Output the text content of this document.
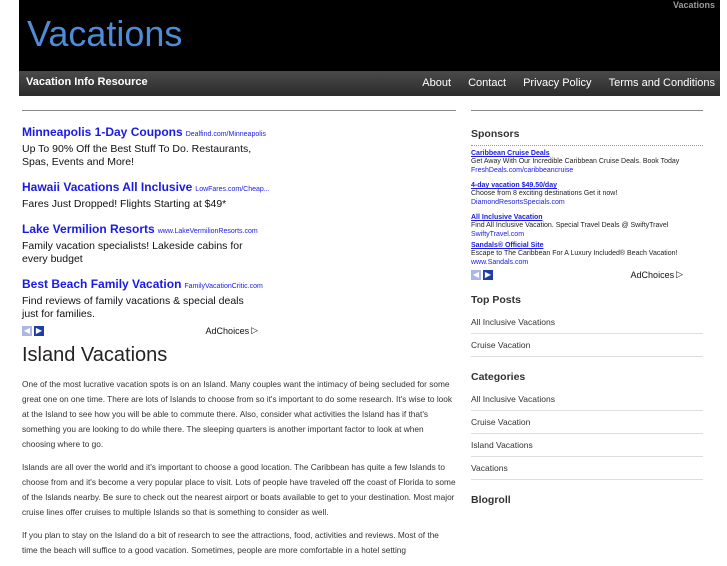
Vacations
Vacations
Vacation Info Resource	About Contact Privacy Policy Terms and Conditions
Minneapolis 1-Day Coupons Dealfind.com/Minneapolis
Up To 90% Off the Best Stuff To Do. Restaurants, Spas, Events and More!
Hawaii Vacations All Inclusive LowFares.com/Cheap...
Fares Just Dropped! Flights Starting at $49*
Lake Vermilion Resorts www.LakeVermilionResorts.com
Family vacation specialists! Lakeside cabins for every budget
Best Beach Family Vacation FamilyVacationCritic.com
Find reviews of family vacations & special deals just for families.
◀ ▶	AdChoices ▷
Island Vacations

One of the most lucrative vacation spots is on an Island. Many couples want the intimacy of being secluded for some great one on one time. There are lots of Islands to choose from so it's important to do some research. It's wise to look at the Island to see how you will be able to commute there. Also, consider what activities the Island has if that's something you are looking to do while there. The sleeping quarters is another important factor to look at when choosing where to go.

Islands are all over the world and it's important to choose a good location. The Caribbean has quite a few Islands to choose from and it's become a very popular place to visit. Lots of people have traveled off the coast of Florida to some of the Islands nearby. Be sure to check out the nearest airport or boats available to get to your destination. Most major cruise lines offer cruises to multiple Islands so that is something to consider as well.

If you plan to stay on the Island do a bit of research to see the attractions, food, activities and reviews. Most of the time the beach will suffice to a good vacation. Sometimes, people are more comfortable in a hotel setting

Sponsors
Caribbean Cruise Deals
Get Away With Our Incredible Caribbean Cruise Deals. Book Today
FreshDeals.com/caribbeancruise
4-day vacation $49.50/day
Choose from 8 exciting destinations Get it now!
DiamondResortsSpecials.com
All Inclusive Vacation
Find All Inclusive Vacation. Special Travel Deals @ SwiftyTravel
SwiftyTravel.com
Sandals® Official Site
Escape to The Caribbean For A Luxury Included® Beach Vacation!
www.Sandals.com
◀ ▶	AdChoices ▷
Top Posts
All Inclusive Vacations
Cruise Vacation
Categories
All Inclusive Vacations
Cruise Vacation
Island Vacations
Vacations
Blogroll
